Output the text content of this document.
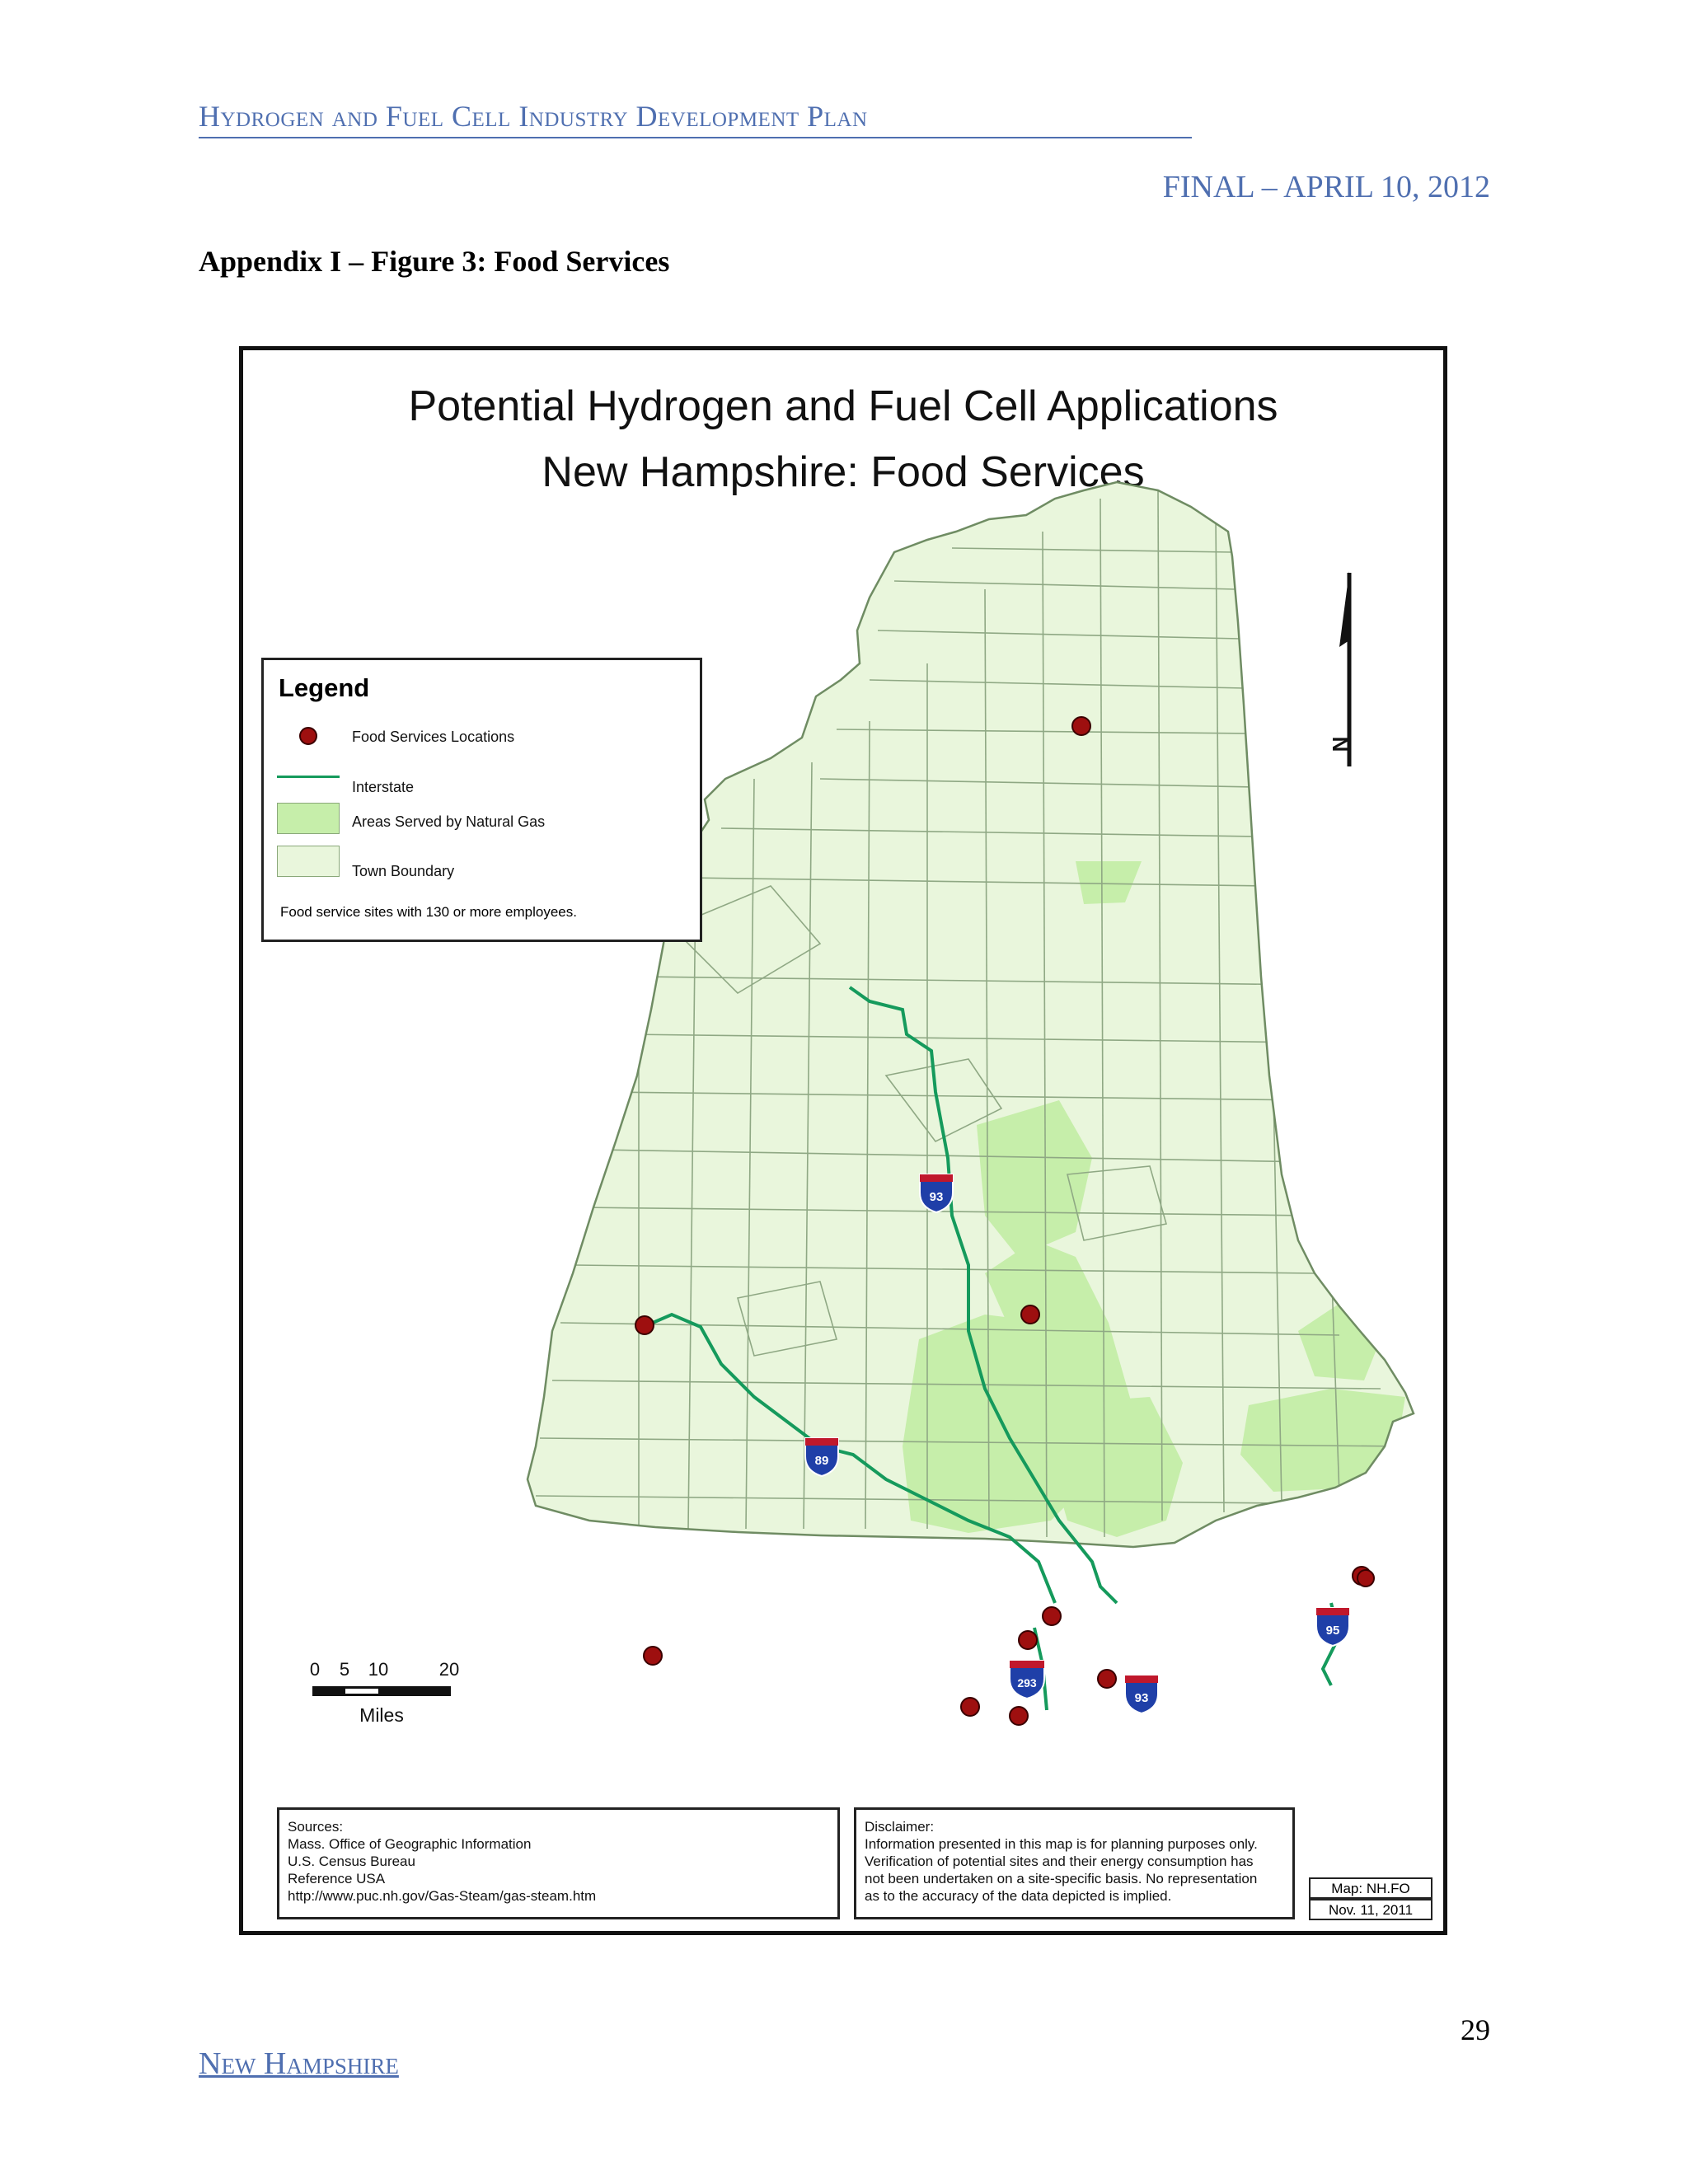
Hydrogen and Fuel Cell Industry Development Plan
FINAL – APRIL 10, 2012
Appendix I – Figure 3: Food Services
Potential Hydrogen and Fuel Cell Applications
New Hampshire: Food Services
93
89
293
93
95
N
0 5 10	20
Miles
Legend
Food Services Locations
Interstate
Areas Served by Natural Gas
Town Boundary
Food service sites with 130 or more employees.
Sources:
Mass. Office of Geographic Information
U.S. Census Bureau
Reference USA
http://www.puc.nh.gov/Gas-Steam/gas-steam.htm
Disclaimer:
Information presented in this map is for planning purposes only.
Verification of potential sites and their energy consumption has
not been undertaken on a site-specific basis. No representation
as to the accuracy of the data depicted is implied.	Map: NH.FO
Nov. 11, 2011
29
New Hampshire
